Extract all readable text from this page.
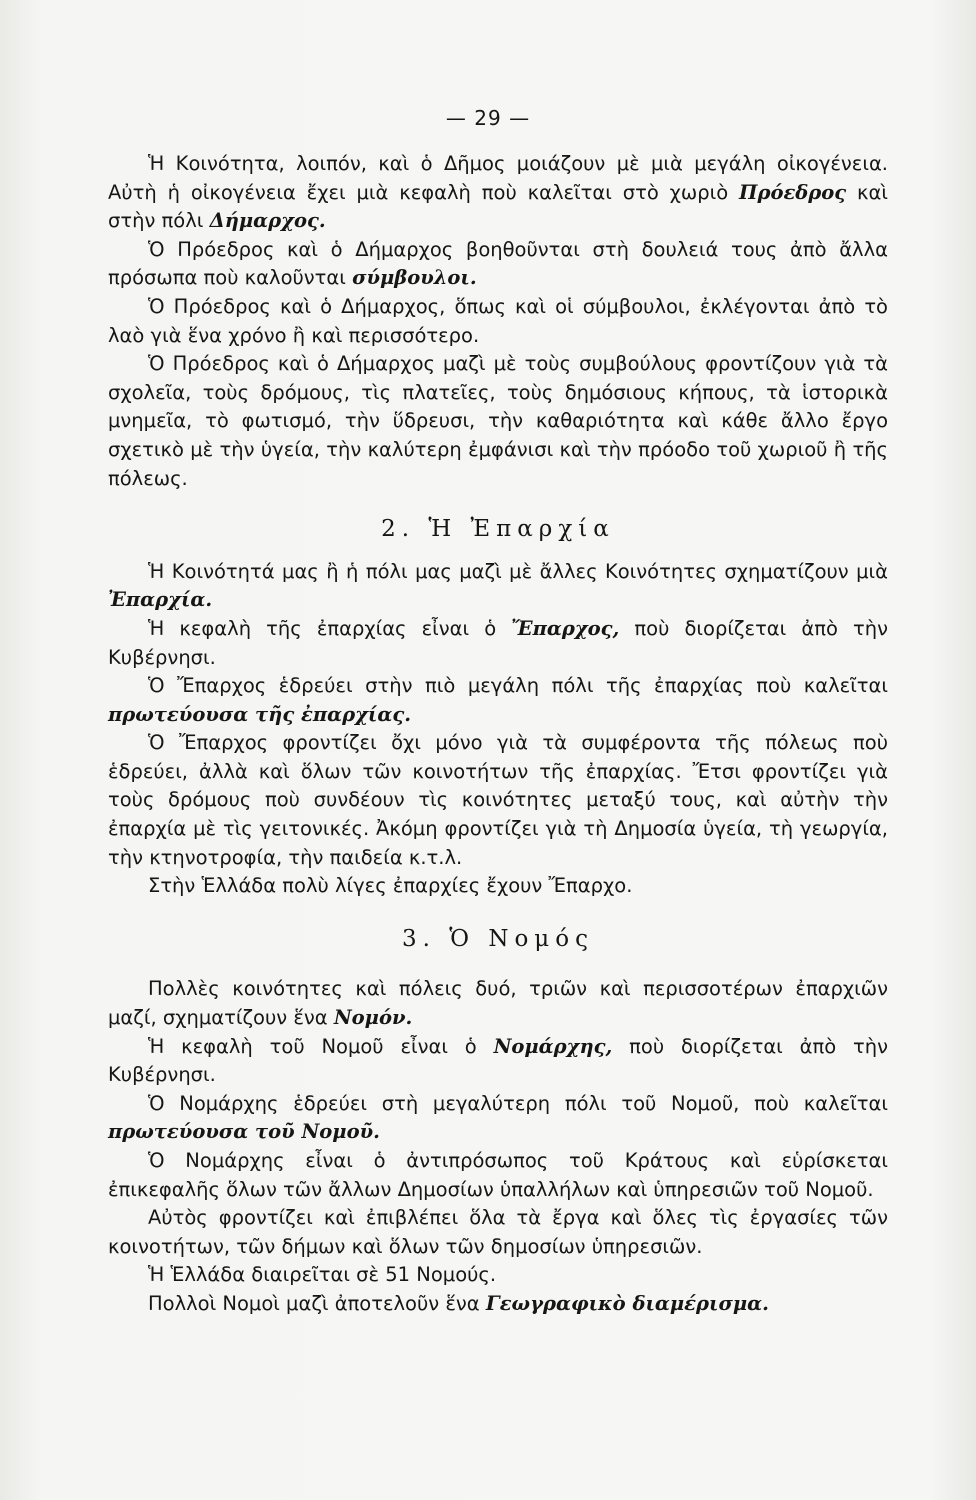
— 29 —

Ἡ Κοινότητα, λοιπόν, καὶ ὁ Δῆμος μοιάζουν μὲ μιὰ μεγάλη οἰκογένεια. Αὐτὴ ἡ οἰκογένεια ἔχει μιὰ κεφαλὴ ποὺ καλεῖται στὸ χωριὸ Πρόεδρος καὶ στὴν πόλι Δήμαρχος.

Ὁ Πρόεδρος καὶ ὁ Δήμαρχος βοηθοῦνται στὴ δουλειά τους ἀπὸ ἄλλα πρόσωπα ποὺ καλοῦνται σύμβουλοι.

Ὁ Πρόεδρος καὶ ὁ Δήμαρχος, ὅπως καὶ οἱ σύμβουλοι, ἐκλέγονται ἀπὸ τὸ λαὸ γιὰ ἕνα χρόνο ἢ καὶ περισσότερο.

Ὁ Πρόεδρος καὶ ὁ Δήμαρχος μαζὶ μὲ τοὺς συμβούλους φροντίζουν γιὰ τὰ σχολεῖα, τοὺς δρόμους, τὶς πλατεῖες, τοὺς δημόσιους κήπους, τὰ ἱστορικὰ μνημεῖα, τὸ φωτισμό, τὴν ὕδρευσι, τὴν καθαριότητα καὶ κάθε ἄλλο ἔργο σχετικὸ μὲ τὴν ὑγεία, τὴν καλύτερη ἐμφάνισι καὶ τὴν πρόοδο τοῦ χωριοῦ ἢ τῆς πόλεως.

2. Ἡ Ἐπαρχία

Ἡ Κοινότητά μας ἢ ἡ πόλι μας μαζὶ μὲ ἄλλες Κοινότητες σχηματίζουν μιὰ Ἐπαρχία.

Ἡ κεφαλὴ τῆς ἐπαρχίας εἶναι ὁ Ἔπαρχος, ποὺ διορίζεται ἀπὸ τὴν Κυβέρνησι.

Ὁ Ἔπαρχος ἑδρεύει στὴν πιὸ μεγάλη πόλι τῆς ἐπαρχίας ποὺ καλεῖται πρωτεύουσα τῆς ἐπαρχίας.

Ὁ Ἔπαρχος φροντίζει ὄχι μόνο γιὰ τὰ συμφέροντα τῆς πόλεως ποὺ ἑδρεύει, ἀλλὰ καὶ ὅλων τῶν κοινοτήτων τῆς ἐπαρχίας. Ἔτσι φροντίζει γιὰ τοὺς δρόμους ποὺ συνδέουν τὶς κοινότητες μεταξύ τους, καὶ αὐτὴν τὴν ἐπαρχία μὲ τὶς γειτονικές. Ἀκόμη φροντίζει γιὰ τὴ Δημοσία ὑγεία, τὴ γεωργία, τὴν κτηνοτροφία, τὴν παιδεία κ.τ.λ.

Στὴν Ἑλλάδα πολὺ λίγες ἐπαρχίες ἔχουν Ἔπαρχο.

3. Ὁ Νομός

Πολλὲς κοινότητες καὶ πόλεις δυό, τριῶν καὶ περισσοτέρων ἐπαρχιῶν μαζί, σχηματίζουν ἕνα Νομόν.

Ἡ κεφαλὴ τοῦ Νομοῦ εἶναι ὁ Νομάρχης, ποὺ διορίζεται ἀπὸ τὴν Κυβέρνησι.

Ὁ Νομάρχης ἑδρεύει στὴ μεγαλύτερη πόλι τοῦ Νομοῦ, ποὺ καλεῖται πρωτεύουσα τοῦ Νομοῦ.

Ὁ Νομάρχης εἶναι ὁ ἀντιπρόσωπος τοῦ Κράτους καὶ εὑρίσκεται ἐπικεφαλῆς ὅλων τῶν ἄλλων Δημοσίων ὑπαλλήλων καὶ ὑπηρεσιῶν τοῦ Νομοῦ.

Αὐτὸς φροντίζει καὶ ἐπιβλέπει ὅλα τὰ ἔργα καὶ ὅλες τὶς ἐργασίες τῶν κοινοτήτων, τῶν δήμων καὶ ὅλων τῶν δημοσίων ὑπηρεσιῶν.

Ἡ Ἑλλάδα διαιρεῖται σὲ 51 Νομούς.

Πολλοὶ Νομοὶ μαζὶ ἀποτελοῦν ἕνα Γεωγραφικὸ διαμέρισμα.
